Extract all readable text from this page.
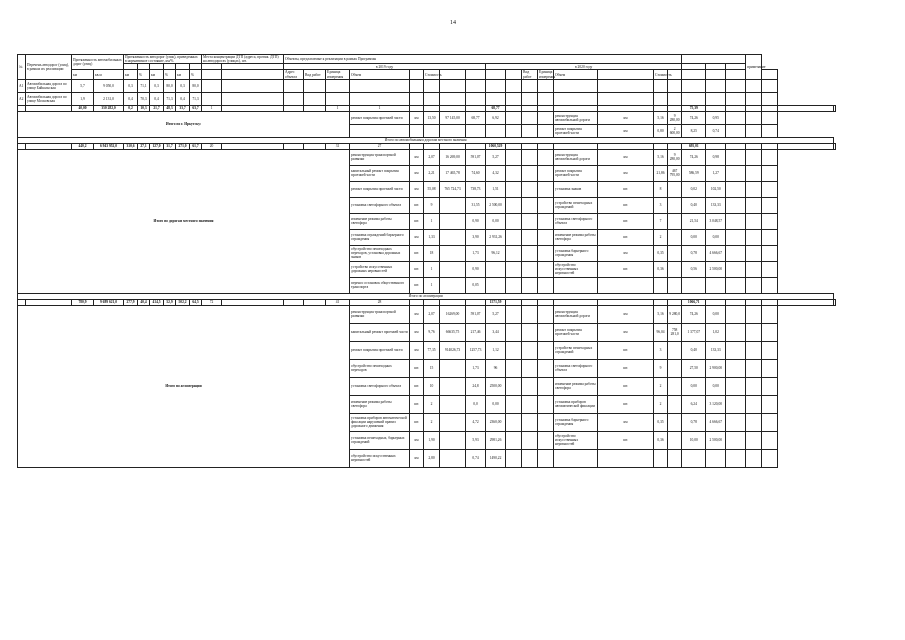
14
№	Перечень автодорог (улиц), в рамках их реализации	Протяженность автомобильных дорог (улиц)		Протяженность автодорог (улиц), приведенных в нормативное состояние, км/%						Места концентрации ДТП (адреса, протяж. ДТП) на автодорогах (улицах), шт.		Объекты, предлагаемые к реализации в рамках Программы																			примечание			
												в 2019 году								в 2020 году														
		км	кв.м	км	%	км	%	км	%			Адрес объекта	Вид работ	Единица измерения	Объем		Стоимость					Вид работ	Единица измерения	Объем		Стоимость								
А1	Автомобильная дорога по улице Байкальская	5,7	9 050,0	0,3	71,1	0,3	80,0	0,3	80,0																									
А2	Автомобильная дорога по улице Московская	1,9	2 131,0	0,4	70,3	0,4	71,3	0,4	71,3																									
		40,00	350 282,0	0,2	10,3	21,7	48,3	33,7	63,7	1				1	1					68,77								75,39						
Итого по г. Иркутску:															ремонт покрытия проезжей части	км	13,50	97 145,00	68,77	6,92				реконструкция автомобильной дороги	км	5,16	9 280,00	74,26	0,95					
																								ремонт покрытия проезжей части	км	0,80	2 600,00	8,25	0,74					
Итого по автомобильным дорогам местного значения																																		
		440,2	6 943 952,0	310,6	27,1	127,0	31,7	271,0	61,7	20				31	27					1060,529								695,01						
Итого по дорогам местного значения															реконструкция транспортной развязки	км	2,07	16 269,00	591,07	5,27				реконструкция автомобильной дороги	км	5,16	9 280,00	74,26	0,98					
															капитальный ремонт покрытия проезжей части	км	2,21	17 465,78	74,60	4,32				ремонт покрытия проезжей части	км	21,86	467 795,00	586,59	1,27					
															ремонт покрытия проезжей части	км	55,08	765 724,73	738,73	1,51				установка знаков	шт.	8		0,02	102,50					
															установка светофорного объекта	шт.	9		31,55	2 500,00				устройство пешеходных ограждений	шт.	3		0,40	133,33					
															изменение режима работы светофора	шт.	1		0,90	0,00				установка светофорного объекта	шт.	7		21,54	3 048,57					
															установка ограждений барьерного ограждения	км	1,33		3,90	2 931,26				изменение режима работы светофора	шт.	2		0,00	0,00					
															обустройство пешеходных переходов, установка дорожных знаков	шт.	18		1,73	96,12				установка барьерного ограждения	км	0,35		0,78	4 666,67					
															устройство искусственных дорожных неровностей	шт.	1		0,90					обустройство искусственных неровностей	шт.	0,36		0,56	2 500,00					
															перенос остановок общественного транспорта	шт.	1		0,05															
Итого по агломерации																																		
		780,9	9 689 621,0	277,9	40,4	414,5	52,9	502,2	64,5	72				41	28					1571,59								1066,71						
Итого по агломерации															реконструкция транспортной развязки	км	2,07	16269,00	591,07	5,27				реконструкция автомобильной дороги	км	5,16	9 280,0	74,26	0,00					
															капитальный ремонт проезжей части	км	9,76	66635,75	217,46	3,44				ремонт покрытия проезжей части	км	96,04	758 281,0	1 377,07	1,02					
															ремонт покрытия проезжей части	км	77,35	914026,73	1257,73	1,12				устройство пешеходных ограждений	шт.	3		0,40	133,33					
															обустройство пешеходных переходов	шт.	15		1,73	96				установка светофорного объекта	шт.	9		27,50	2 900,00					
															установка светофорного объекта	шт.	10		24,8	2500,00				изменение режима работы светофора	шт.	2		0,00	0,00					
															изменение режима работы светофора	шт.	2		0,0	0,00				установка приборов автоматической фиксации	шт.	2		6,24	3 120,00					
															установка приборов автоматической фиксации нарушений правил дорожного движения	шт.	2		4,72	2360,00				установка барьерного ограждения	км	0,35		0,78	4 666,67					
															установка пешеходных, барьерных ограждений	км	1,90		5,93	2981,26				обустройство искусственных неровностей	шт.	0,36		10,00	2 500,00					
															обустройство искусственных неровностей	км	2,80		0,74	1490,22														
